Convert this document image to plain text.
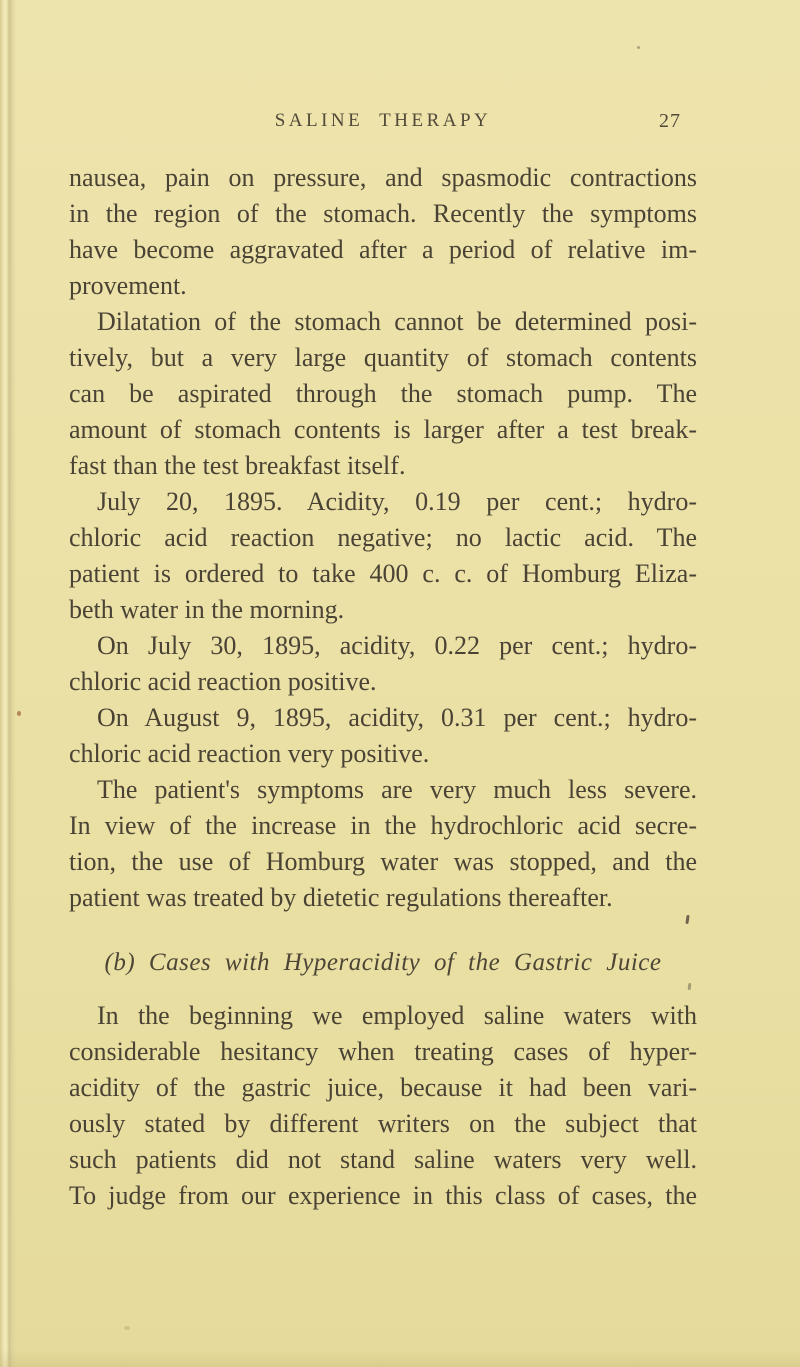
SALINE THERAPY	27
nausea, pain on pressure, and spasmodic contractions
in the region of the stomach. Recently the symptoms
have become aggravated after a period of relative im-
provement.
Dilatation of the stomach cannot be determined posi-
tively, but a very large quantity of stomach contents
can be aspirated through the stomach pump. The
amount of stomach contents is larger after a test break-
fast than the test breakfast itself.
July 20, 1895. Acidity, 0.19 per cent.; hydro-
chloric acid reaction negative; no lactic acid. The
patient is ordered to take 400 c. c. of Homburg Eliza-
beth water in the morning.
On July 30, 1895, acidity, 0.22 per cent.; hydro-
chloric acid reaction positive.
On August 9, 1895, acidity, 0.31 per cent.; hydro-
chloric acid reaction very positive.
The patient's symptoms are very much less severe.
In view of the increase in the hydrochloric acid secre-
tion, the use of Homburg water was stopped, and the
patient was treated by dietetic regulations thereafter.
(b) Cases with Hyperacidity of the Gastric Juice
In the beginning we employed saline waters with
considerable hesitancy when treating cases of hyper-
acidity of the gastric juice, because it had been vari-
ously stated by different writers on the subject that
such patients did not stand saline waters very well.
To judge from our experience in this class of cases, the
